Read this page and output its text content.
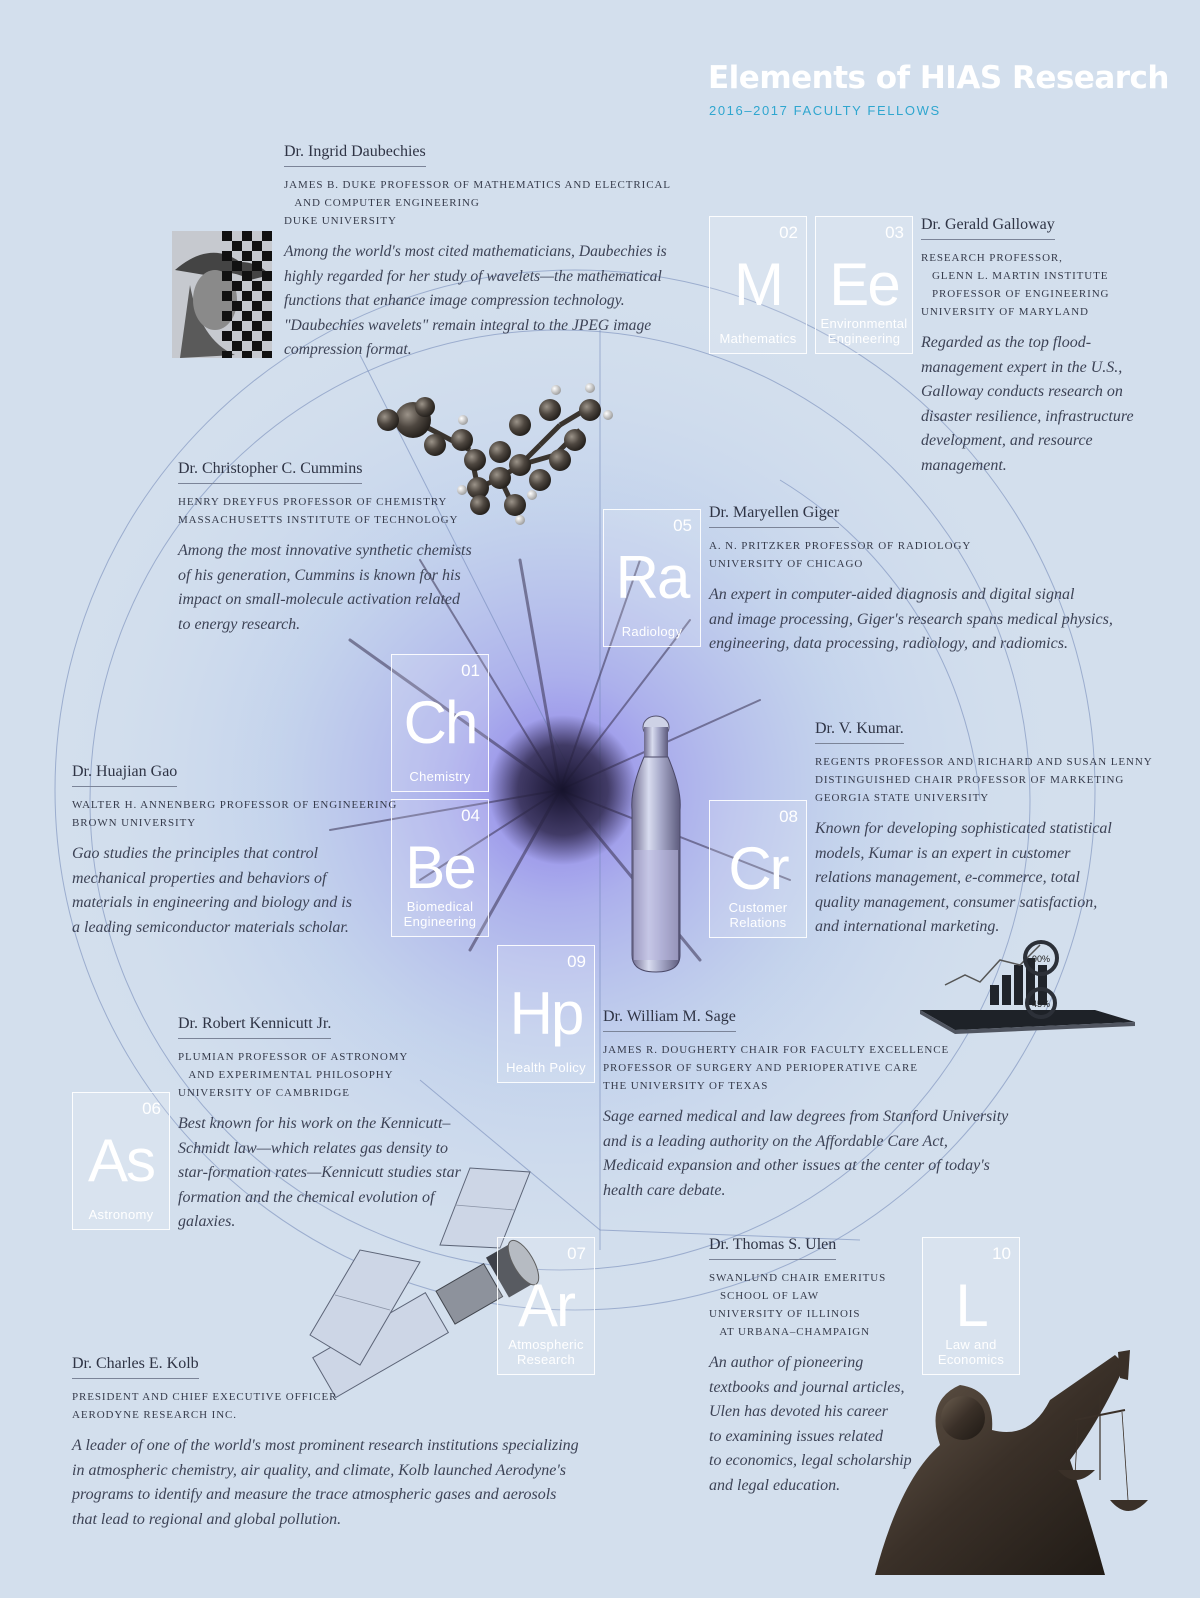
90%
45%
Elements of HIAS Research
2016–2017 FACULTY FELLOWS
02
M
Mathematics
03
Ee
Environmental
Engineering
05
Ra
Radiology
01
Ch
Chemistry
04
Be
Biomedical
Engineering
08
Cr
Customer
Relations
09
Hp
Health Policy
06
As
Astronomy
07
Ar
Atmospheric
Research
10
L
Law and
Economics
Dr. Ingrid Daubechies
JAMES B. DUKE PROFESSOR OF MATHEMATICS AND ELECTRICAL
AND COMPUTER ENGINEERING
DUKE UNIVERSITY
Among the world's most cited mathematicians, Daubechies is
highly regarded for her study of wavelets—the mathematical
functions that enhance image compression technology.
"Daubechies wavelets" remain integral to the JPEG image
compression format.
Dr. Gerald Galloway
RESEARCH PROFESSOR,
GLENN L. MARTIN INSTITUTE
PROFESSOR OF ENGINEERING
UNIVERSITY OF MARYLAND
Regarded as the top flood-
management expert in the U.S.,
Galloway conducts research on
disaster resilience, infrastructure
development, and resource
management.
Dr. Christopher C. Cummins
HENRY DREYFUS PROFESSOR OF CHEMISTRY
MASSACHUSETTS INSTITUTE OF TECHNOLOGY
Among the most innovative synthetic chemists
of his generation, Cummins is known for his
impact on small-molecule activation related
to energy research.
Dr. Maryellen Giger
A. N. PRITZKER PROFESSOR OF RADIOLOGY
UNIVERSITY OF CHICAGO
An expert in computer-aided diagnosis and digital signal
and image processing, Giger's research spans medical physics,
engineering, data processing, radiology, and radiomics.
Dr. V. Kumar.
REGENTS PROFESSOR AND RICHARD AND SUSAN LENNY
DISTINGUISHED CHAIR PROFESSOR OF MARKETING
GEORGIA STATE UNIVERSITY
Known for developing sophisticated statistical
models, Kumar is an expert in customer
relations management, e-commerce, total
quality management, consumer satisfaction,
and international marketing.
Dr. Huajian Gao
WALTER H. ANNENBERG PROFESSOR OF ENGINEERING
BROWN UNIVERSITY
Gao studies the principles that control
mechanical properties and behaviors of
materials in engineering and biology and is
a leading semiconductor materials scholar.
Dr. Robert Kennicutt Jr.
PLUMIAN PROFESSOR OF ASTRONOMY
AND EXPERIMENTAL PHILOSOPHY
UNIVERSITY OF CAMBRIDGE
Best known for his work on the Kennicutt–
Schmidt law—which relates gas density to
star-formation rates—Kennicutt studies star
formation and the chemical evolution of
galaxies.
Dr. William M. Sage
JAMES R. DOUGHERTY CHAIR FOR FACULTY EXCELLENCE
PROFESSOR OF SURGERY AND PERIOPERATIVE CARE
THE UNIVERSITY OF TEXAS
Sage earned medical and law degrees from Stanford University
and is a leading authority on the Affordable Care Act,
Medicaid expansion and other issues at the center of today's
health care debate.
Dr. Thomas S. Ulen
SWANLUND CHAIR EMERITUS
SCHOOL OF LAW
UNIVERSITY OF ILLINOIS
AT URBANA–CHAMPAIGN
An author of pioneering
textbooks and journal articles,
Ulen has devoted his career
to examining issues related
to economics, legal scholarship
and legal education.
Dr. Charles E. Kolb
PRESIDENT AND CHIEF EXECUTIVE OFFICER
AERODYNE RESEARCH INC.
A leader of one of the world's most prominent research institutions specializing
in atmospheric chemistry, air quality, and climate, Kolb launched Aerodyne's
programs to identify and measure the trace atmospheric gases and aerosols
that lead to regional and global pollution.
